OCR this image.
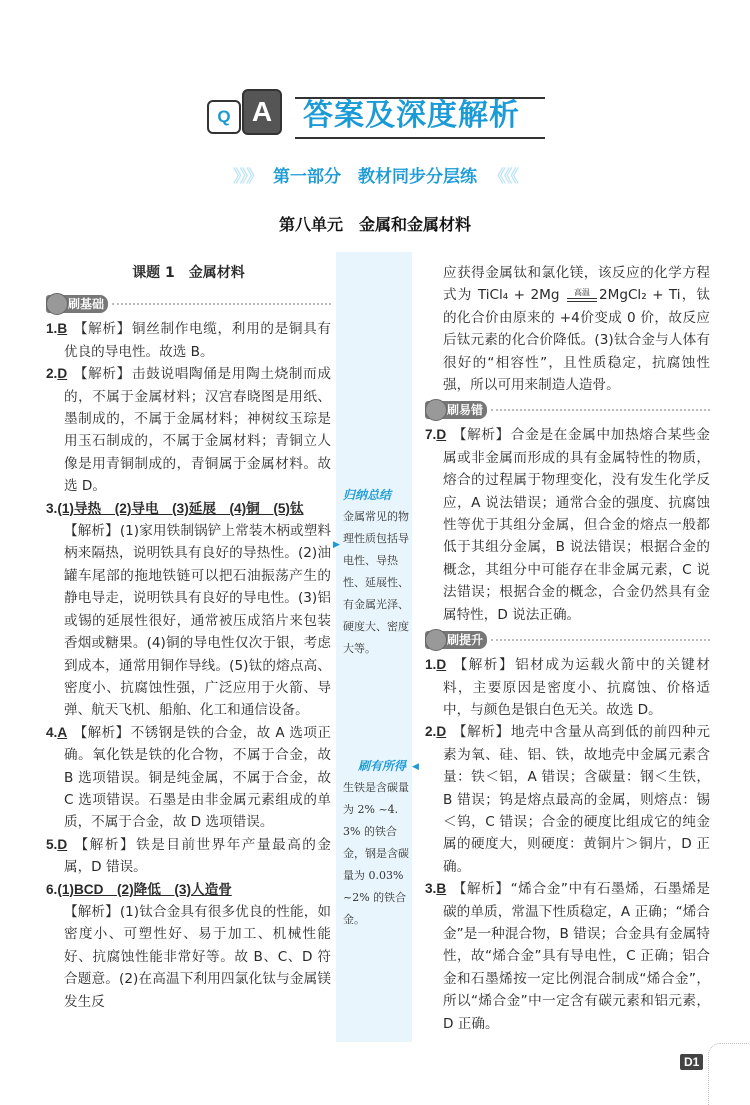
Q A	答案及深度解析
》》》 第一部分　教材同步分层练 《《《
第八单元　金属和金属材料
归纳总结
金属常见的物理性质包括导电性、导热性、延展性、有金属光泽、硬度大、密度大等。
刷有所得
生铁是含碳量为 2% ~4.3% 的铁合金，钢是含碳量为 0.03% ~2% 的铁合金。
▶
◀
课题 1　金属材料
刷基础

1.B 【解析】铜丝制作电缆，利用的是铜具有优良的导电性。故选 B。

2.D 【解析】击鼓说唱陶俑是用陶土烧制而成的，不属于金属材料；汉宫春晓图是用纸、墨制成的，不属于金属材料；神树纹玉琮是用玉石制成的，不属于金属材料；青铜立人像是用青铜制成的，青铜属于金属材料。故选 D。

3.(1)导热　(2)导电　(3)延展　(4)铜　(5)钛
【解析】(1)家用铁制锅铲上常装木柄或塑料柄来隔热，说明铁具有良好的导热性。(2)油罐车尾部的拖地铁链可以把石油振荡产生的静电导走，说明铁具有良好的导电性。(3)铝或锡的延展性很好，通常被压成箔片来包装香烟或糖果。(4)铜的导电性仅次于银，考虑到成本，通常用铜作导线。(5)钛的熔点高、密度小、抗腐蚀性强，广泛应用于火箭、导弹、航天飞机、船舶、化工和通信设备。

4.A 【解析】不锈钢是铁的合金，故 A 选项正确。氧化铁是铁的化合物，不属于合金，故 B 选项错误。铜是纯金属，不属于合金，故 C 选项错误。石墨是由非金属元素组成的单质，不属于合金，故 D 选项错误。

5.D 【解析】铁是目前世界年产量最高的金属，D 错误。

6.(1)BCD　(2)降低　(3)人造骨
【解析】(1)钛合金具有很多优良的性能，如密度小、可塑性好、易于加工、机械性能好、抗腐蚀性能非常好等。故 B、C、D 符合题意。(2)在高温下利用四氯化钛与金属镁发生反

应获得金属钛和氯化镁，该反应的化学方程式为 TiCl₄ + 2Mg 高温 2MgCl₂ + Ti，钛的化合价由原来的 +4价变成 0 价，故反应后钛元素的化合价降低。(3)钛合金与人体有很好的“相容性”，且性质稳定，抗腐蚀性强，所以可用来制造人造骨。

刷易错

7.D 【解析】合金是在金属中加热熔合某些金属或非金属而形成的具有金属特性的物质，熔合的过程属于物理变化，没有发生化学反应，A 说法错误；通常合金的强度、抗腐蚀性等优于其组分金属，但合金的熔点一般都低于其组分金属，B 说法错误；根据合金的概念，其组分中可能存在非金属元素，C 说法错误；根据合金的概念，合金仍然具有金属特性，D 说法正确。

刷提升

1.D 【解析】铝材成为运载火箭中的关键材料，主要原因是密度小、抗腐蚀、价格适中，与颜色是银白色无关。故选 D。

2.D 【解析】地壳中含量从高到低的前四种元素为氧、硅、铝、铁，故地壳中金属元素含量：铁＜铝，A 错误；含碳量：钢＜生铁，B 错误；钨是熔点最高的金属，则熔点：锡＜钨，C 错误；合金的硬度比组成它的纯金属的硬度大，则硬度：黄铜片＞铜片，D 正确。

3.B 【解析】“烯合金”中有石墨烯，石墨烯是碳的单质，常温下性质稳定，A 正确；“烯合金”是一种混合物，B 错误；合金具有金属特性，故“烯合金”具有导电性，C 正确；铝合金和石墨烯按一定比例混合制成“烯合金”，所以“烯合金”中一定含有碳元素和铝元素，D 正确。

D1
